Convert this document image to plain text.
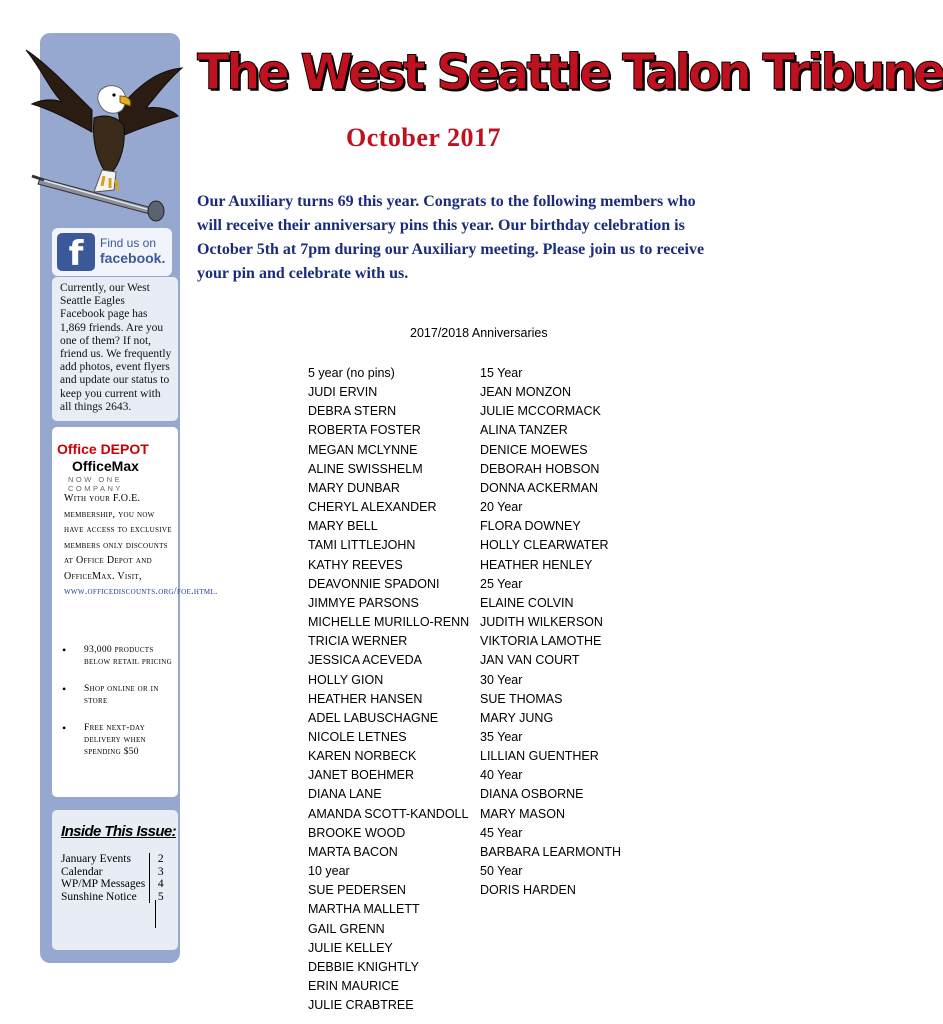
f	Find us on
facebook.
Currently, our West Seattle Eagles Facebook page has 1,869 friends. Are you one of them? If not, friend us. We frequently add photos, event flyers and update our status to keep you current with all things 2643.
Office DEPOT
OfficeMax
NOW ONE COMPANY
With your F.O.E. membership, you now have access to exclusive members only discounts at Office Depot and OfficeMax. Visit, www.officediscounts.org/foe.html.
• 93,000 products below retail pricing
• Shop online or in store
• Free next-day delivery when spending $50
Inside This Issue:
January Events	2
Calendar	3
WP/MP Messages	4
Sunshine Notice	5
The West Seattle Talon Tribune
October 2017
Our Auxiliary turns 69 this year. Congrats to the following members who will receive their anniversary pins this year. Our birthday celebration is October 5th at 7pm during our Auxiliary meeting. Please join us to receive your pin and celebrate with us.
2017/2018 Anniversaries
5 year (no pins)
JUDI ERVIN
DEBRA STERN
ROBERTA FOSTER
MEGAN MCLYNNE
ALINE SWISSHELM
MARY DUNBAR
CHERYL ALEXANDER
MARY BELL
TAMI LITTLEJOHN
KATHY REEVES
DEAVONNIE SPADONI
JIMMYE PARSONS
MICHELLE MURILLO-RENN
TRICIA WERNER
JESSICA ACEVEDA
HOLLY GION
HEATHER HANSEN
ADEL LABUSCHAGNE
NICOLE LETNES
KAREN NORBECK
JANET BOEHMER
DIANA LANE
AMANDA SCOTT-KANDOLL
BROOKE WOOD
MARTA BACON
10 year
SUE PEDERSEN
MARTHA MALLETT
GAIL GRENN
JULIE KELLEY
DEBBIE KNIGHTLY
ERIN MAURICE
JULIE CRABTREE
15 Year
JEAN MONZON
JULIE MCCORMACK
ALINA TANZER
DENICE MOEWES
DEBORAH HOBSON
DONNA ACKERMAN
20 Year
FLORA DOWNEY
HOLLY CLEARWATER
HEATHER HENLEY
25 Year
ELAINE COLVIN
JUDITH WILKERSON
VIKTORIA LAMOTHE
JAN VAN COURT
30 Year
SUE THOMAS
MARY JUNG
35 Year
LILLIAN GUENTHER
40 Year
DIANA OSBORNE
MARY MASON
45 Year
BARBARA LEARMONTH
50 Year
DORIS HARDEN
